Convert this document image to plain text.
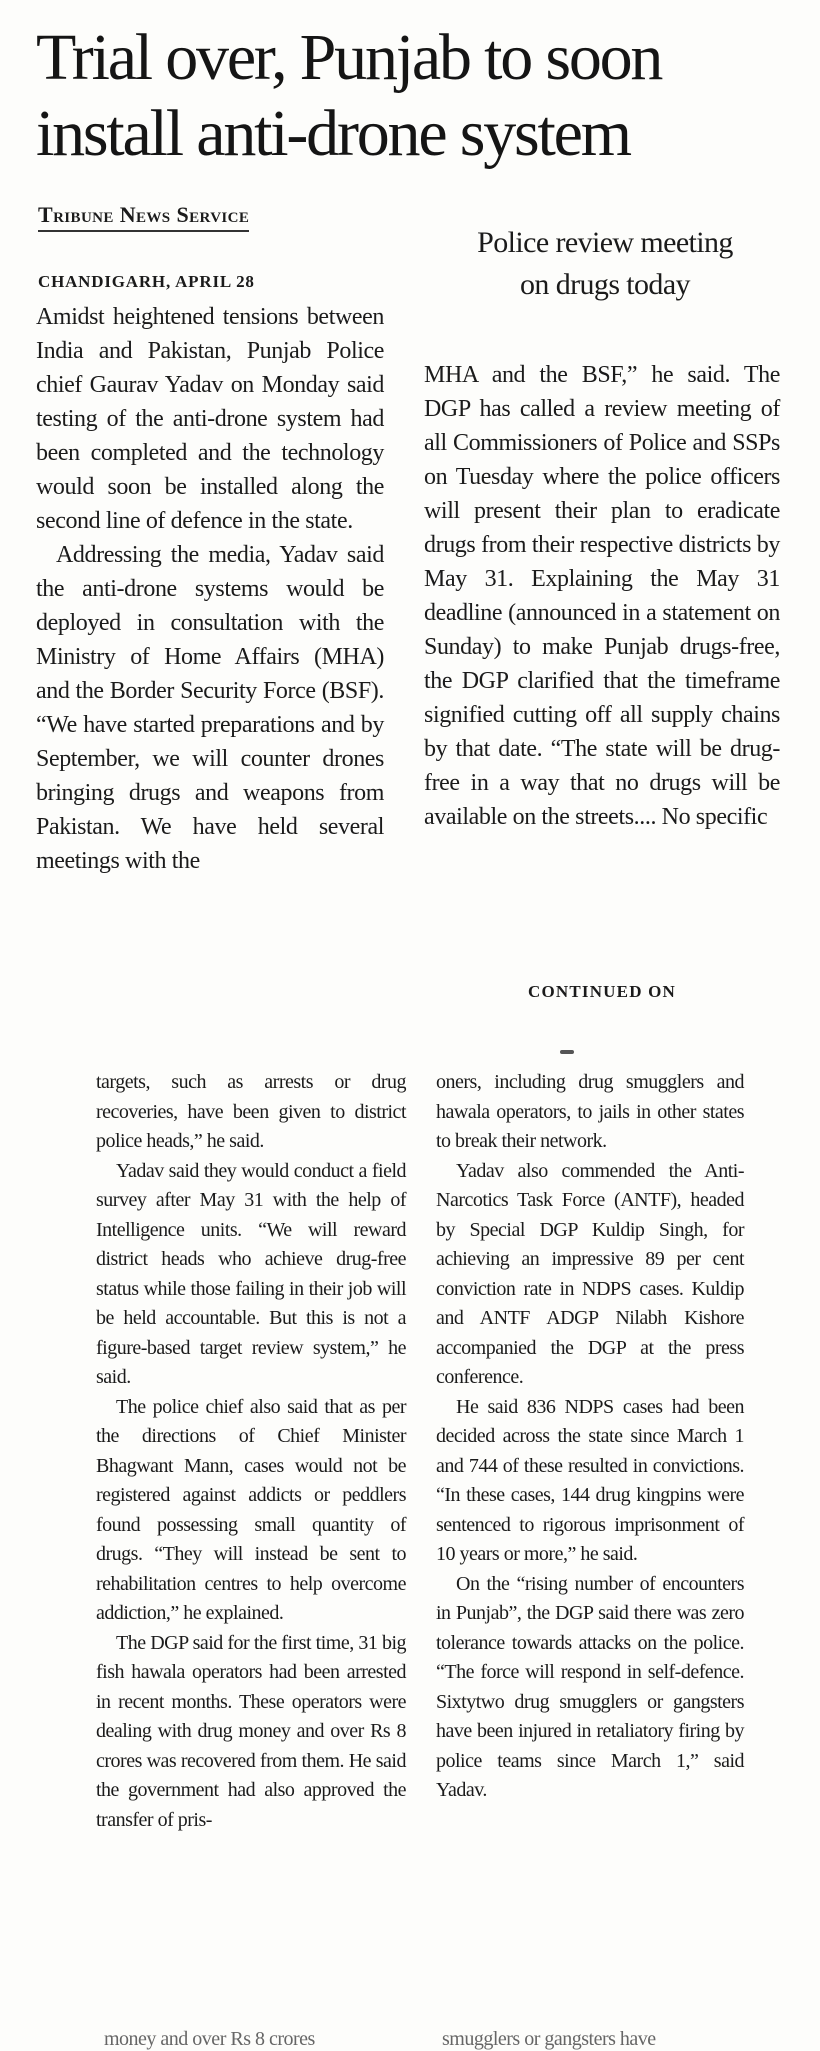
Trial over, Punjab to soon
install anti-drone system
Tribune News Service
Police review meeting
on drugs today
CHANDIGARH, APRIL 28

Amidst heightened tensions between India and Pakistan, Punjab Police chief Gaurav Yadav on Monday said testing of the anti-drone system had been completed and the technology would soon be installed along the second line of defence in the state.

Addressing the media, Yadav said the anti-drone systems would be deployed in consultation with the Ministry of Home Affairs (MHA) and the Border Security Force (BSF). “We have started preparations and by September, we will counter drones bringing drugs and weapons from Pakistan. We have held several meetings with the

MHA and the BSF,” he said. The DGP has called a review meeting of all Commissioners of Police and SSPs on Tuesday where the police officers will present their plan to eradicate drugs from their respective districts by May 31. Explaining the May 31 deadline (announced in a statement on Sunday) to make Punjab drugs-free, the DGP clarified that the timeframe signified cutting off all supply chains by that date. “The state will be drug-free in a way that no drugs will be available on the streets.... No specific

CONTINUED ON

targets, such as arrests or drug recoveries, have been given to district police heads,” he said.

Yadav said they would conduct a field survey after May 31 with the help of Intelligence units. “We will reward district heads who achieve drug-free status while those failing in their job will be held accountable. But this is not a figure-based target review system,” he said.

The police chief also said that as per the directions of Chief Minister Bhagwant Mann, cases would not be registered against addicts or peddlers found possessing small quantity of drugs. “They will instead be sent to rehabilitation centres to help overcome addiction,” he explained.

The DGP said for the first time, 31 big fish hawala operators had been arrested in recent months. These operators were dealing with drug money and over Rs 8 crores was recovered from them. He said the government had also approved the transfer of pris-

oners, including drug smugglers and hawala operators, to jails in other states to break their network.

Yadav also commended the Anti-Narcotics Task Force (ANTF), headed by Special DGP Kuldip Singh, for achieving an impressive 89 per cent conviction rate in NDPS cases. Kuldip and ANTF ADGP Nilabh Kishore accompanied the DGP at the press conference.

He said 836 NDPS cases had been decided across the state since March 1 and 744 of these resulted in convictions. “In these cases, 144 drug kingpins were sentenced to rigorous imprisonment of 10 years or more,” he said.

On the “rising number of encounters in Punjab”, the DGP said there was zero tolerance towards attacks on the police. “The force will respond in self-defence. Sixtytwo drug smugglers or gangsters have been injured in retaliatory firing by police teams since March 1,” said Yadav.

money and over Rs 8 crores	smugglers or gangsters have
